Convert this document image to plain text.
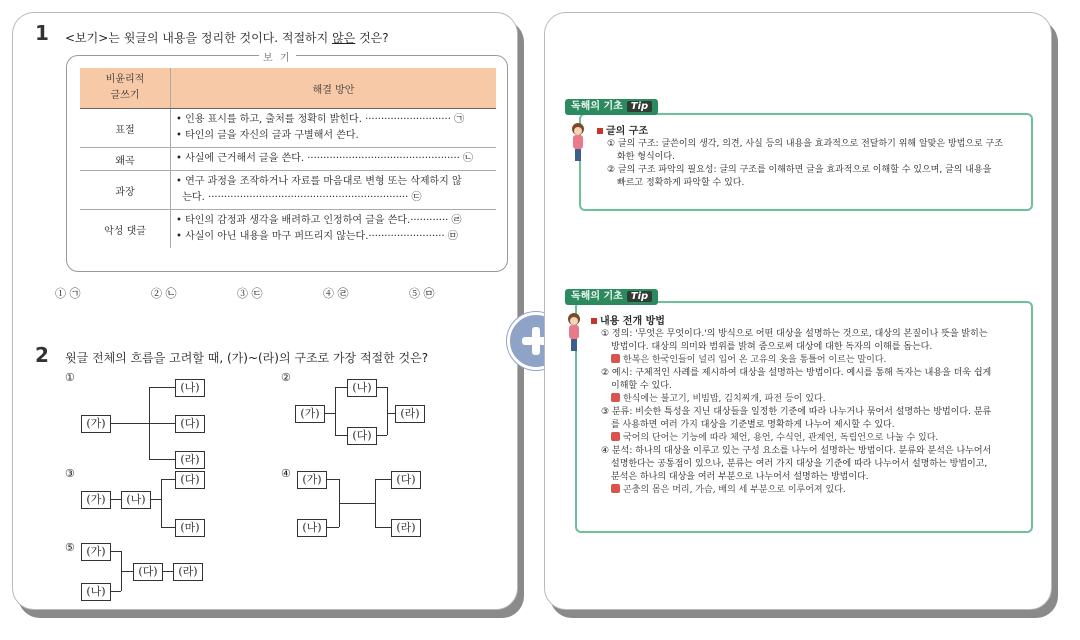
1 <보기>는 윗글의 내용을 정리한 것이다. 적절하지 않은 것은?
보 기
비윤리적
글쓰기	해결 방안
표절	• 인용 표시를 하고, 출처를 정확히 밝힌다. ··························· ㉠
• 타인의 글을 자신의 글과 구별해서 쓴다.

왜곡	• 사실에 근거해서 글을 쓴다. ················································ ㉡

과장	• 연구 과정을 조작하거나 자료를 마음대로 변형 또는 삭제하지 않
는다. ······························································· ㉢

악성 댓글	• 타인의 감정과 생각을 배려하고 인정하여 글을 쓴다.············ ㉣
• 사실이 아닌 내용을 마구 퍼뜨리지 않는다.························ ㉤
① ㉠	② ㉡	③ ㉢	④ ㉣	⑤ ㉤
2 윗글 전체의 흐름을 고려할 때, (가)~(라)의 구조로 가장 적절한 것은?
①
(가)
(나)
(다)
(라)
②
(가)
(나)
(다)
(라)
③
(가)	(나)
(다)
(마)
④	(가)
(나)
(다)
(라)
⑤	(가)
(나)
(다)	(라)
독해의 기초 Tip

글의 구조

① 글의 구조: 글쓴이의 생각, 의견, 사실 등의 내용을 효과적으로 전달하기 위해 알맞은 방법으로 구조

화한 형식이다.

② 글의 구조 파악의 필요성: 글의 구조를 이해하면 글을 효과적으로 이해할 수 있으며, 글의 내용을

빠르고 정확하게 파악할 수 있다.

독해의 기초 Tip

내용 전개 방법

① 정의: '무엇은 무엇이다.'의 방식으로 어떤 대상을 설명하는 것으로, 대상의 본질이나 뜻을 밝히는

방법이다. 대상의 의미와 범위를 밝혀 줌으로써 대상에 대한 독자의 이해를 돕는다.

한복은 한국인들이 널리 입어 온 고유의 옷을 통틀어 이르는 말이다.

② 예시: 구체적인 사례를 제시하여 대상을 설명하는 방법이다. 예시를 통해 독자는 내용을 더욱 쉽게

이해할 수 있다.

한식에는 불고기, 비빔밥, 김치찌개, 파전 등이 있다.

③ 분류: 비슷한 특성을 지닌 대상들을 일정한 기준에 따라 나누거나 묶어서 설명하는 방법이다. 분류

를 사용하면 여러 가지 대상을 기준별로 명확하게 나누어 제시할 수 있다.

국어의 단어는 기능에 따라 체언, 용언, 수식언, 관계언, 독립언으로 나눌 수 있다.

④ 분석: 하나의 대상을 이루고 있는 구성 요소를 나누어 설명하는 방법이다. 분류와 분석은 나누어서

설명한다는 공통점이 있으나, 분류는 여러 가지 대상을 기준에 따라 나누어서 설명하는 방법이고,

분석은 하나의 대상을 여러 부분으로 나누어서 설명하는 방법이다.

곤충의 몸은 머리, 가슴, 배의 세 부분으로 이루어져 있다.
